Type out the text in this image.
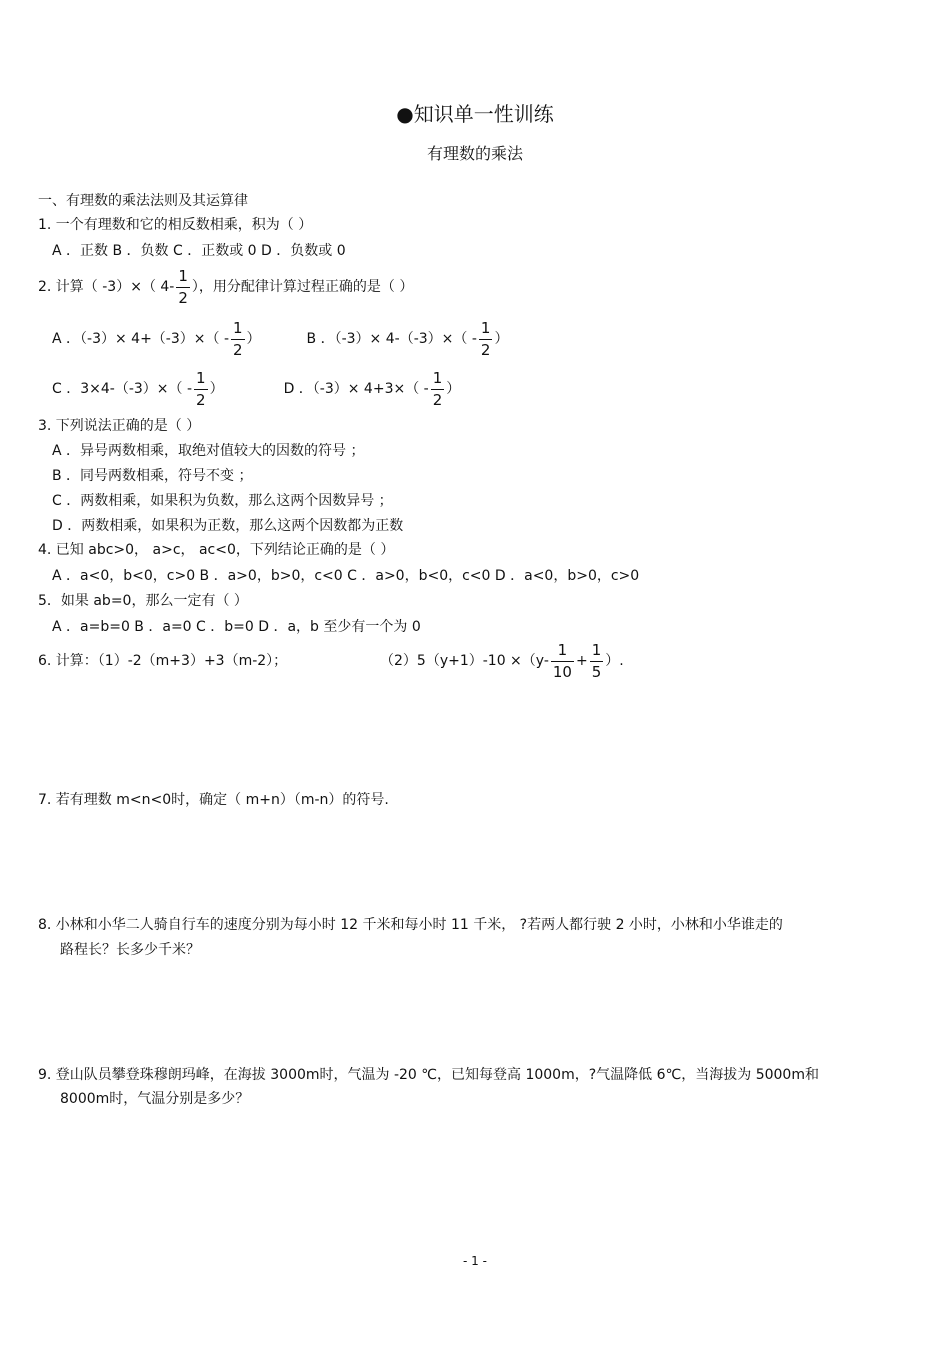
●知识单一性训练
有理数的乘法
一、有理数的乘法法则及其运算律
1. 一个有理数和它的相反数相乘，积为（ ）
A ．正数 B ．负数 C ．正数或 0 D ．负数或 0
2. 计算（ -3）×（ $4- \frac{1}{2}$ ），用分配律计算过程正确的是（ ）
A ．$(-3)\times 4+(-3)\times( - \frac{1}{2}$ ）	B ．$(-3)\times 4-(-3)\times( - \frac{1}{2}$ ）
C ．$3\times 4-(-3)\times( - \frac{1}{2}$ ）	D ．$(-3)\times 4+3\times( - \frac{1}{2}$ ）
3. 下列说法正确的是（ ）
A ．异号两数相乘，取绝对值较大的因数的符号 ；
B ．同号两数相乘，符号不变 ；
C ．两数相乘，如果积为负数，那么这两个因数异号 ；
D ．两数相乘，如果积为正数，那么这两个因数都为正数
4. 已知 abc>0， a>c， ac<0，下列结论正确的是（ ）
A ．a<0，b<0，c>0 B ．a>0，b>0，c<0 C ．a>0，b<0，c<0 D ．a<0，b>0，c>0
5．如果 ab=0，那么一定有（ ）
A ．a=b=0 B ．a=0 C ．b=0 D ．a，b 至少有一个为 0
6. 计算：（1）-2（m+3）+3（m-2）；	$(2)5(y+1)-10 \times(y- \frac{1}{10} + \frac{1}{5}$ ）.
7. 若有理数 m<n<0时，确定（ m+n）（m-n）的符号.
8. 小林和小华二人骑自行车的速度分别为每小时 12 千米和每小时 11 千米， ?若两人都行驶 2 小时，小林和小华谁走的
路程长？长多少千米？
9. 登山队员攀登珠穆朗玛峰，在海拔 3000m时，气温为 -20 ℃，已知每登高 1000m，?气温降低 6℃，当海拔为 5000m和
8000m时，气温分别是多少？
- 1 -
